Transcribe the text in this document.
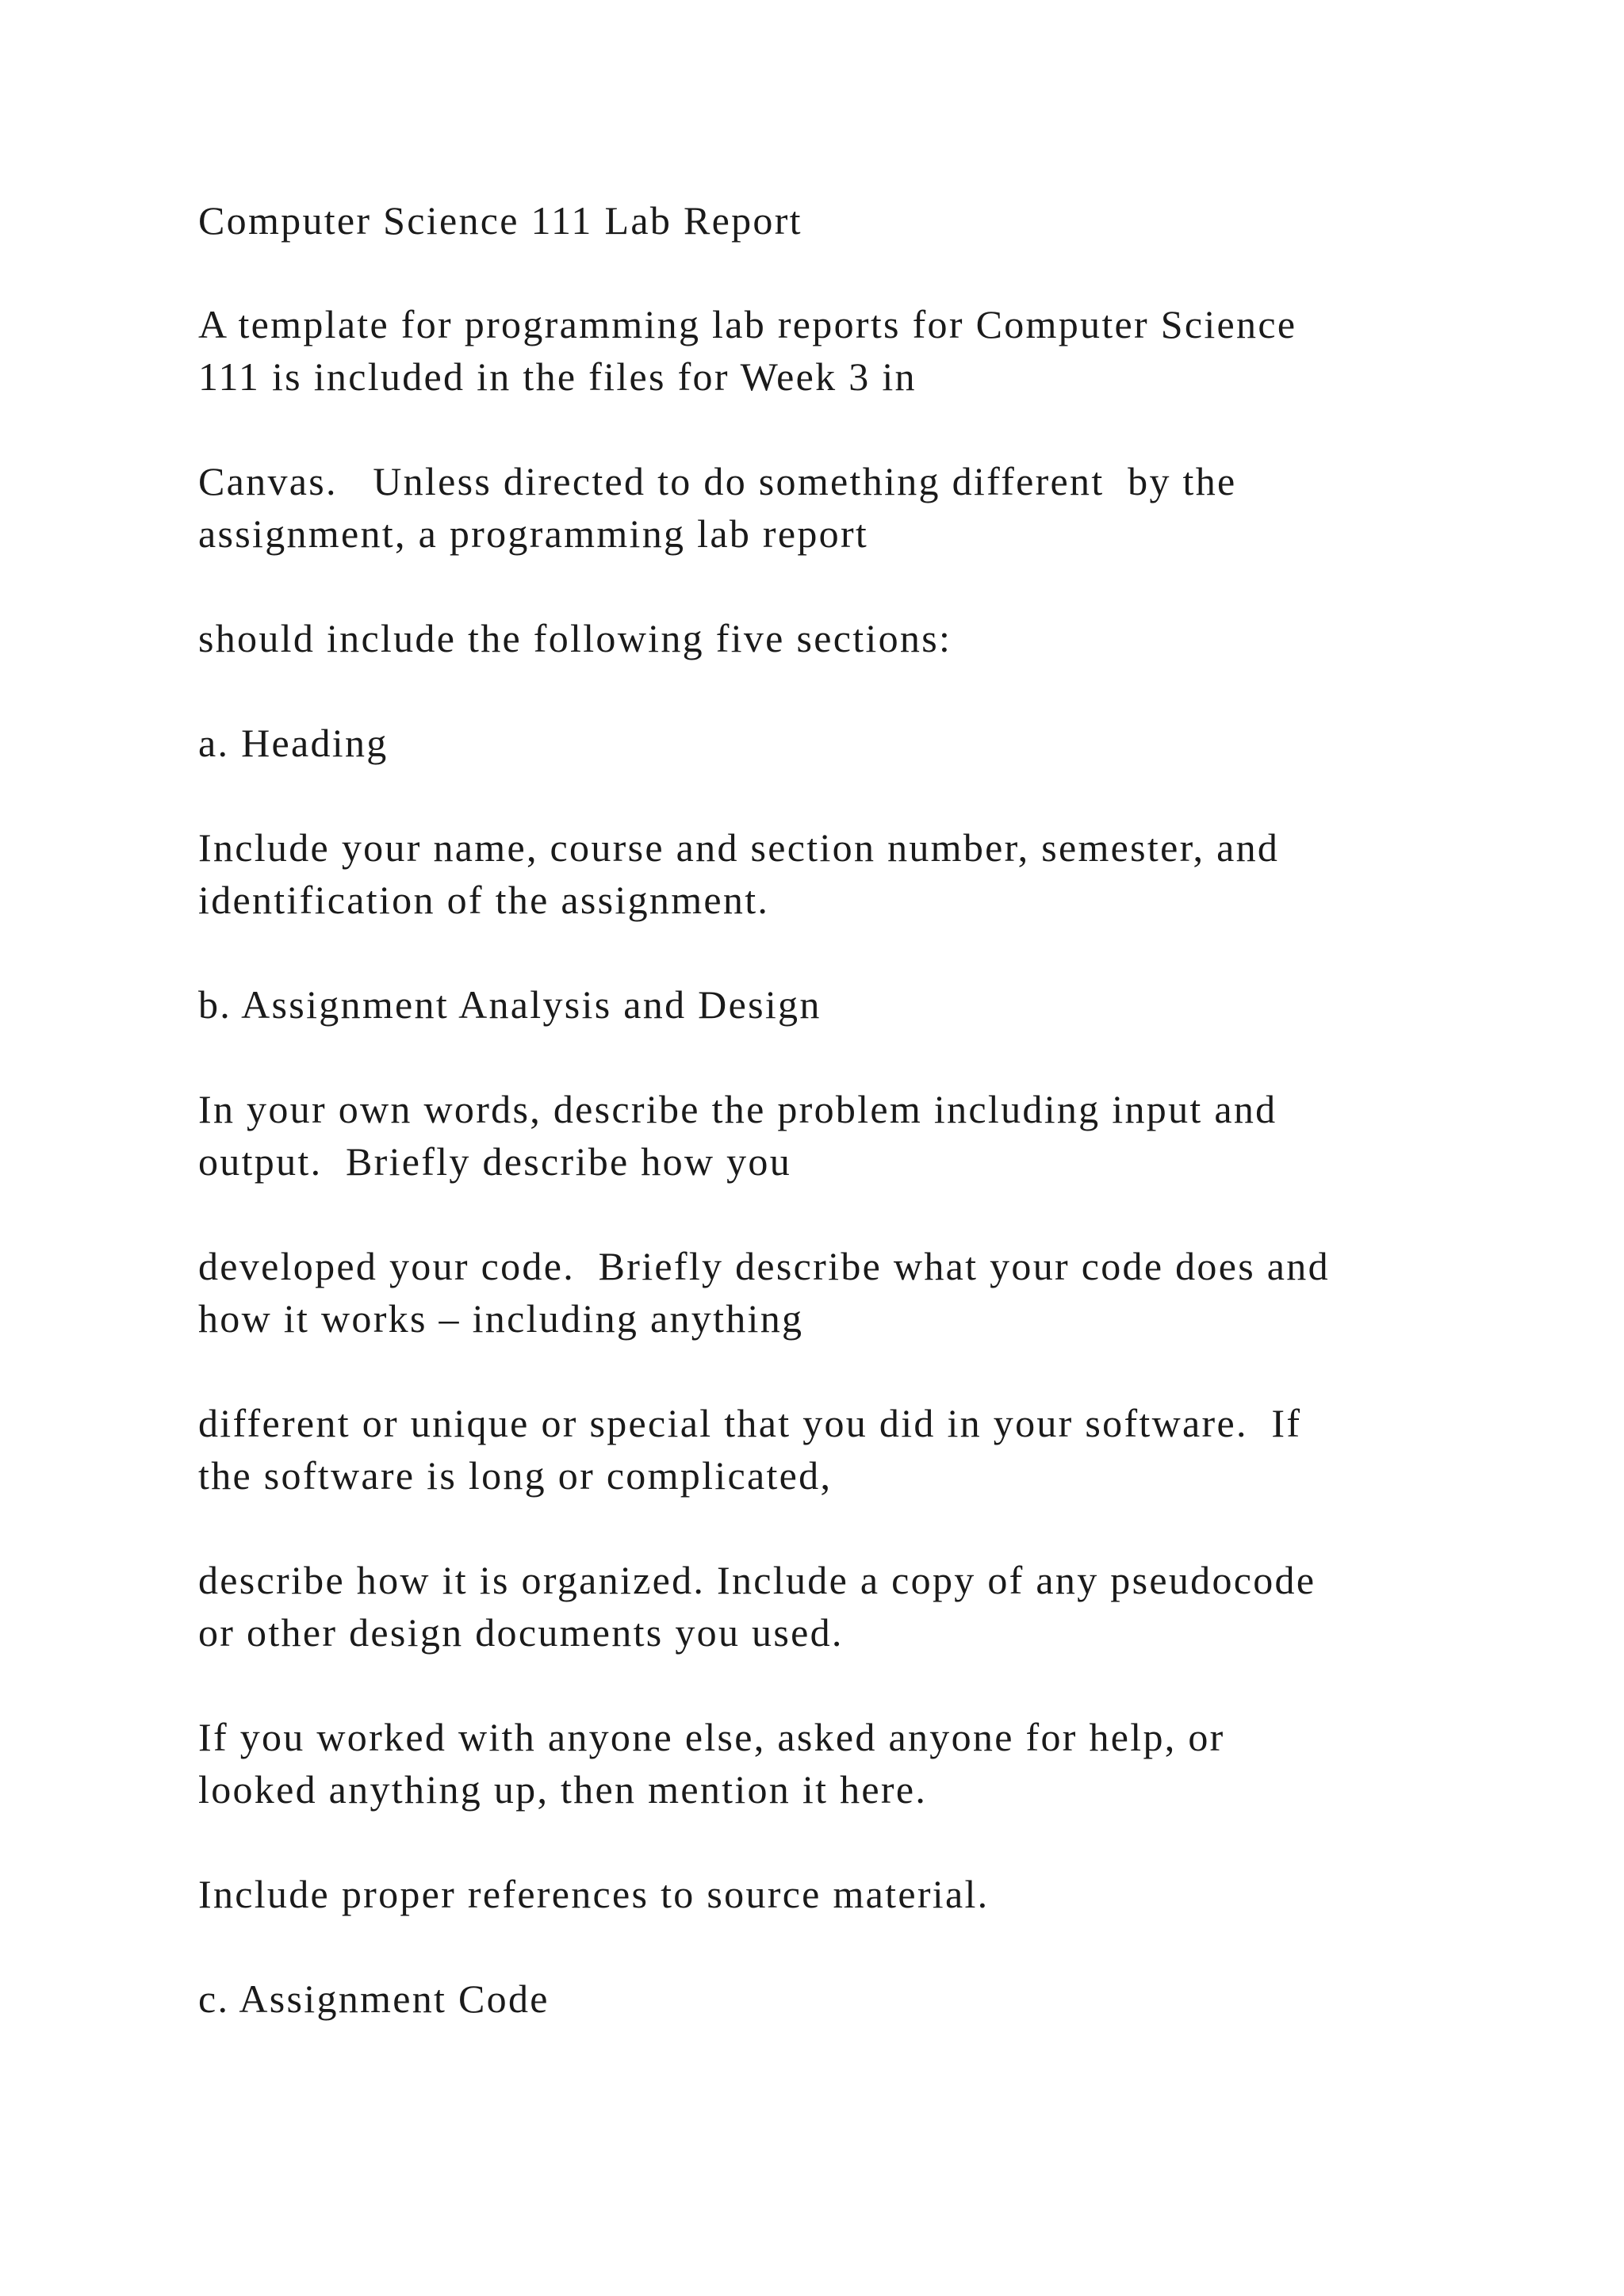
Computer Science 111 Lab Report

A template for programming lab reports for Computer Science

111 is included in the files for Week 3 in

Canvas.   Unless directed to do something different  by the

assignment, a programming lab report

should include the following five sections:

a. Heading

Include your name, course and section number, semester, and

identification of the assignment.

b. Assignment Analysis and Design

In your own words, describe the problem including input and

output.  Briefly describe how you

developed your code.  Briefly describe what your code does and

how it works – including anything

different or unique or special that you did in your software.  If

the software is long or complicated,

describe how it is organized. Include a copy of any pseudocode

or other design documents you used.

If you worked with anyone else, asked anyone for help, or

looked anything up, then mention it here.

Include proper references to source material.

c. Assignment Code
